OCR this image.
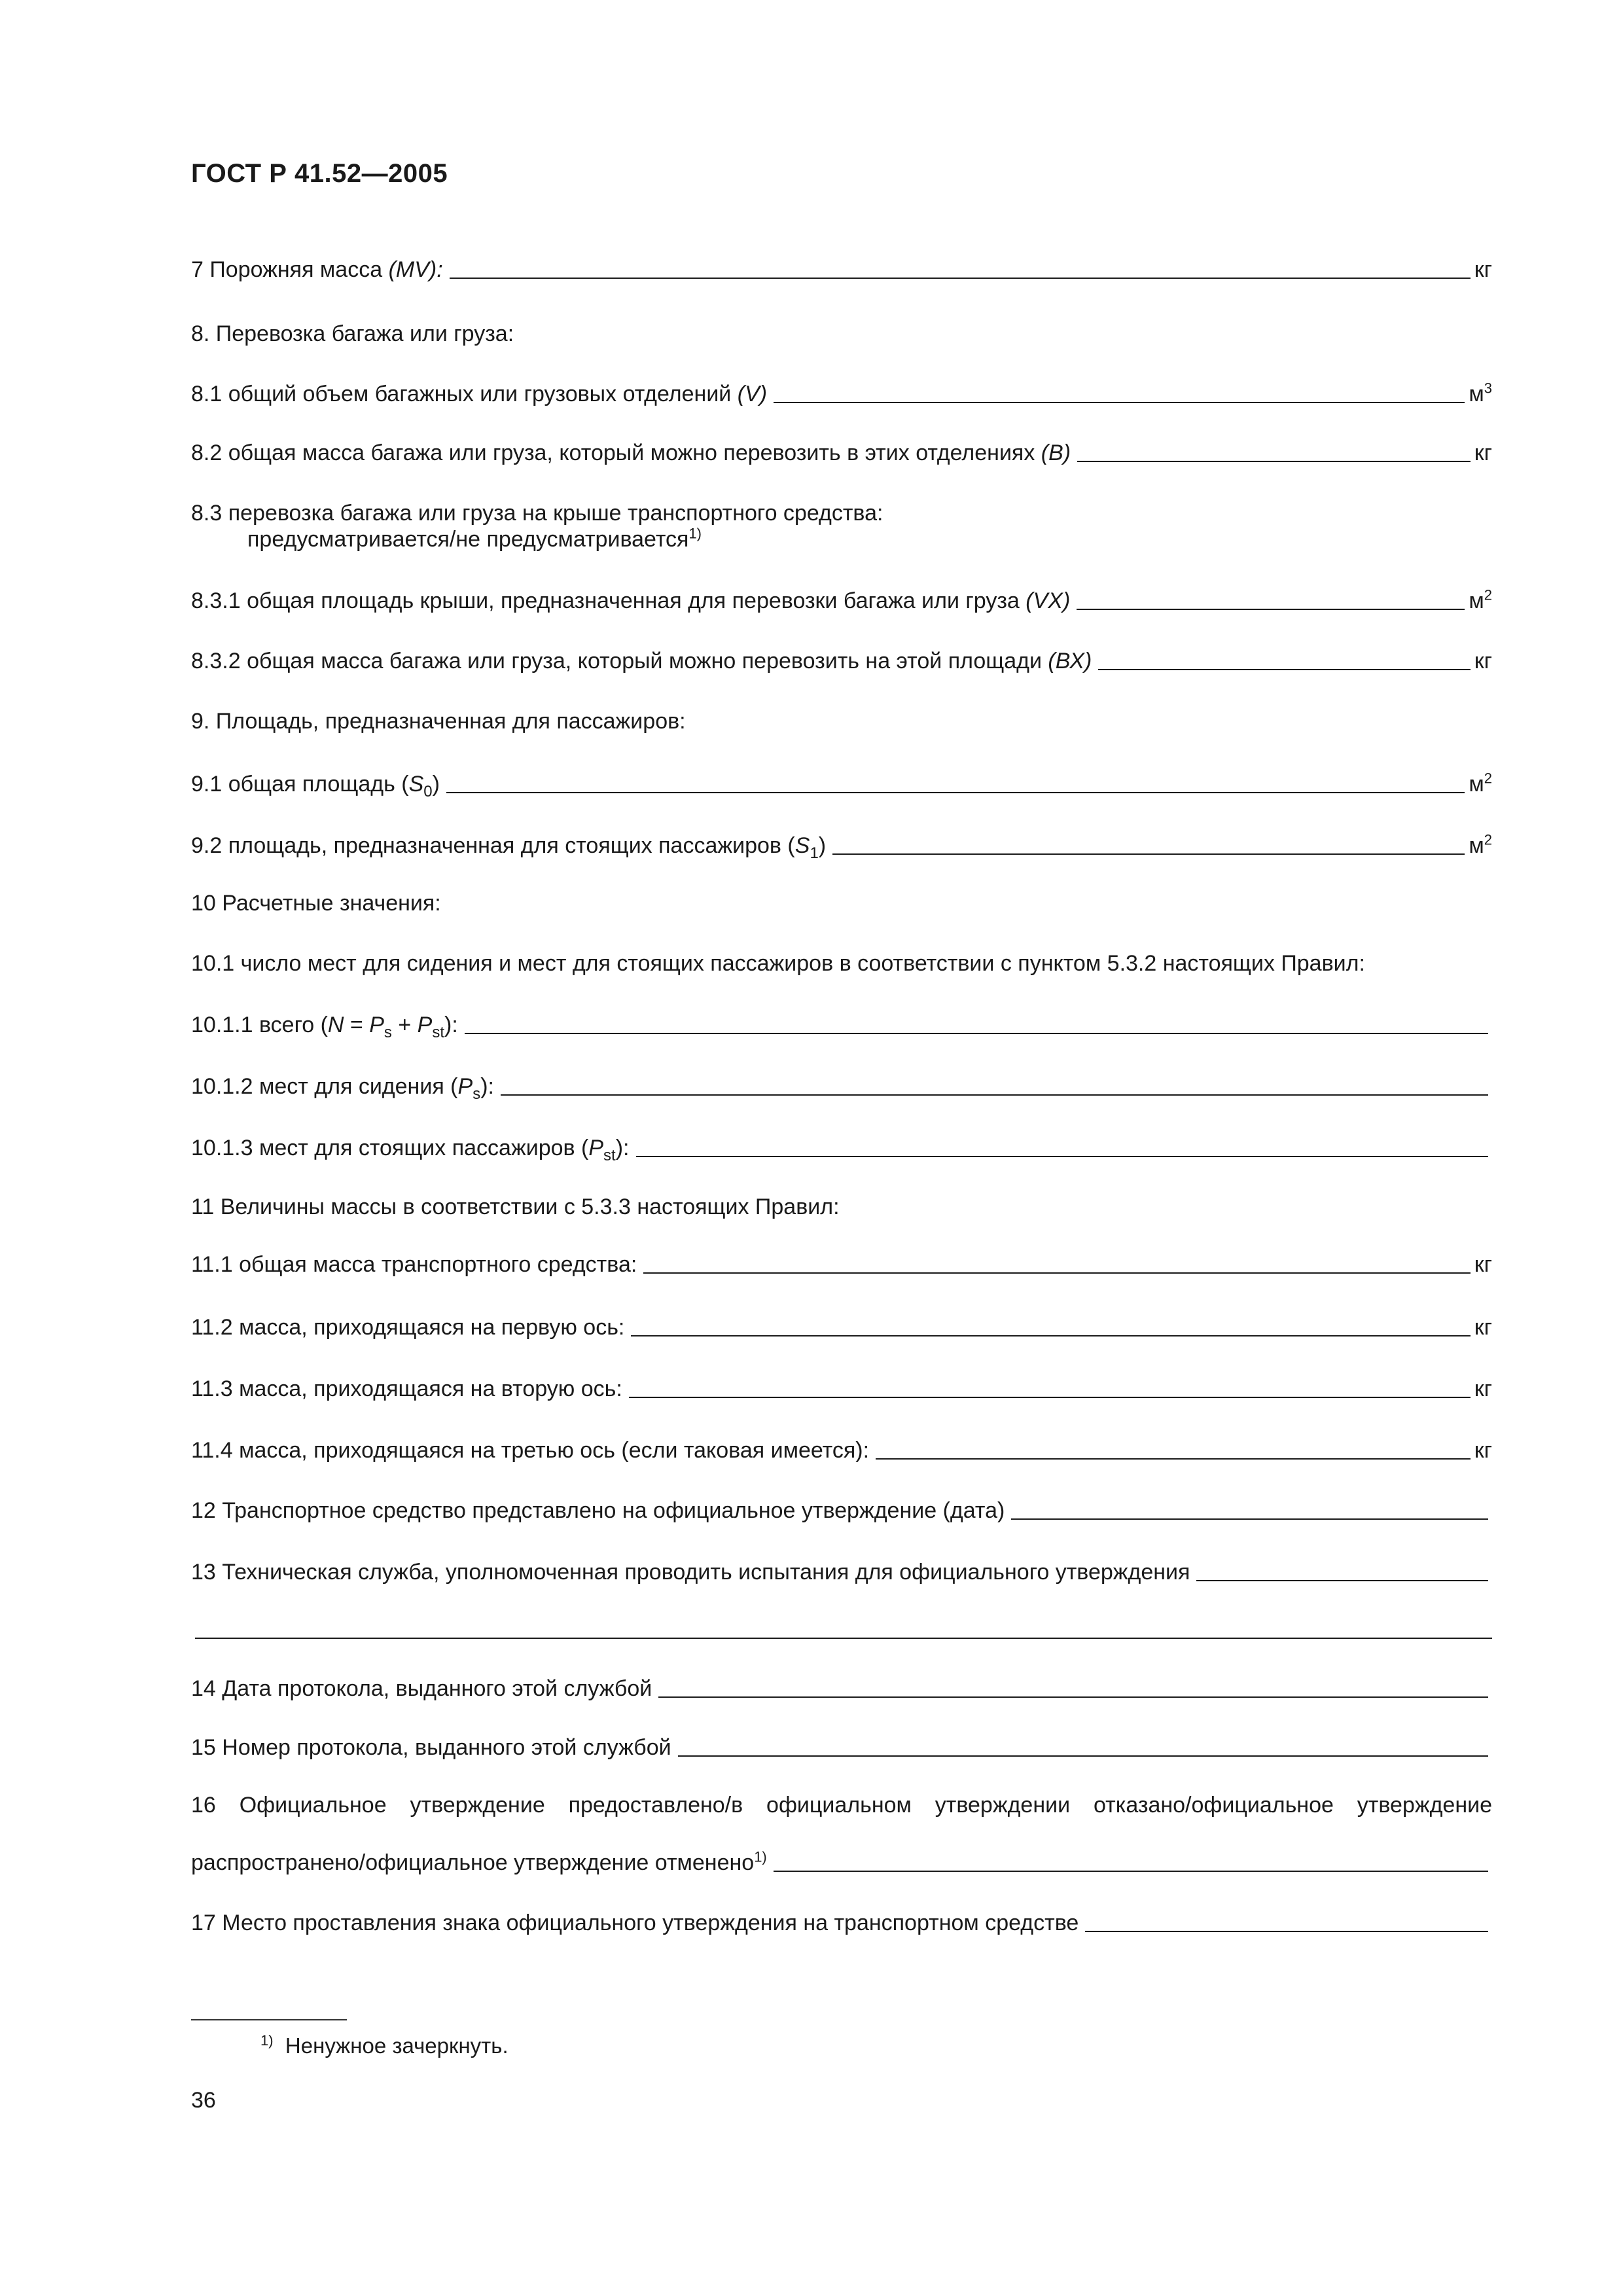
ГОСТ Р 41.52—2005
7 Порожняя масса (MV):	кг
8. Перевозка багажа или груза:
8.1 общий объем багажных или грузовых отделений (V)	$м^3$
8.2 общая масса багажа или груза, который можно перевозить в этих отделениях (В)	кг
8.3 перевозка багажа или груза на крыше транспортного средства:
предусматривается/не предусматривается$^{1)}$
8.3.1 общая площадь крыши, предназначенная для перевозки багажа или груза (VX)	$м^2$
8.3.2 общая масса багажа или груза, который можно перевозить на этой площади (ВХ)	кг
9. Площадь, предназначенная для пассажиров:
9.1 общая площадь $(S_0)$	$м^2$
9.2 площадь, предназначенная для стоящих пассажиров $(S_1)$	$м^2$
10 Расчетные значения:
10.1 число мест для сидения и мест для стоящих пассажиров в соответствии с пунктом 5.3.2 настоящих Правил:
10.1.1 всего $(N = P_s + P_{st})$:
10.1.2 мест для сидения $(P_s)$:
10.1.3 мест для стоящих пассажиров $(P_{st})$:
11 Величины массы в соответствии с 5.3.3 настоящих Правил:
11.1 общая масса транспортного средства:	кг
11.2 масса, приходящаяся на первую ось:	кг
11.3 масса, приходящаяся на вторую ось:	кг
11.4 масса, приходящаяся на третью ось (если таковая имеется):	кг
12 Транспортное средство представлено на официальное утверждение (дата)
13 Техническая служба, уполномоченная проводить испытания для официального утверждения
14 Дата протокола, выданного этой службой
15 Номер протокола, выданного этой службой
16 Официальное утверждение предоставлено/в официальном утверждении отказано/официальное утверждение
распространено/официальное утверждение отменено$^{1)}$
17 Место проставления знака официального утверждения на транспортном средстве
$^{1)}$ Ненужное зачеркнуть.
36
